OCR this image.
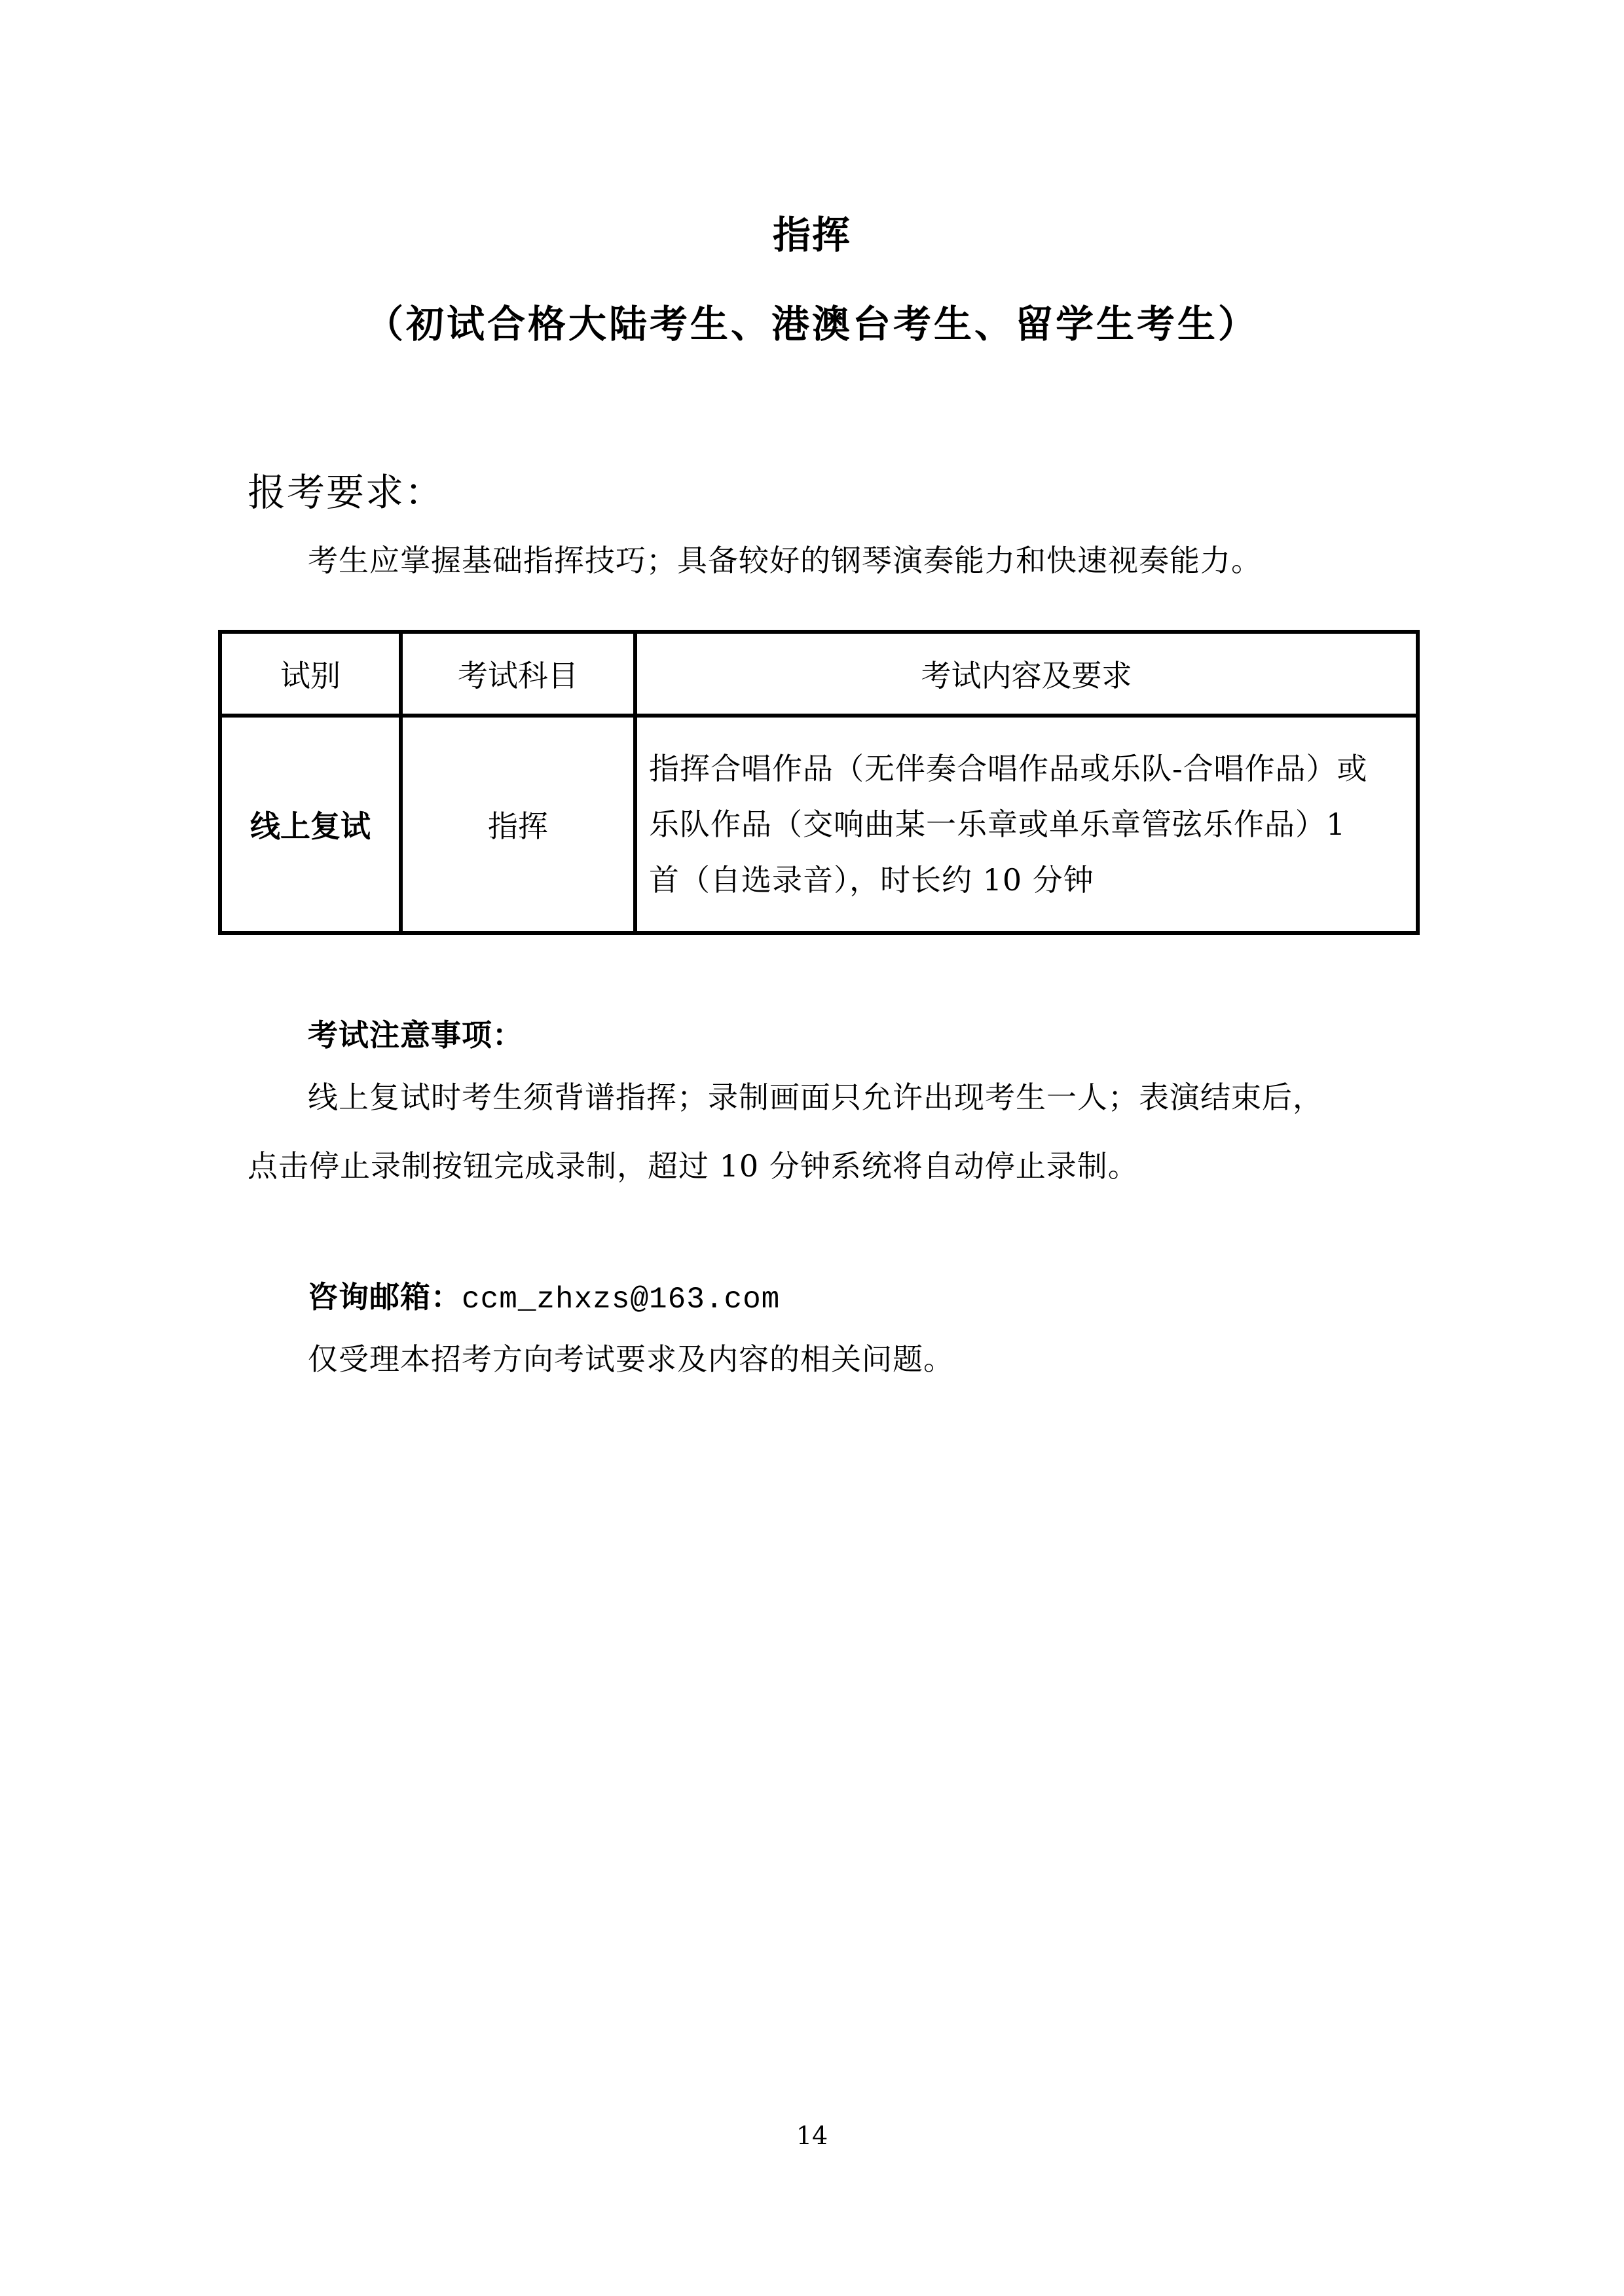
指挥
（初试合格大陆考生、港澳台考生、留学生考生）
报考要求：
考生应掌握基础指挥技巧；具备较好的钢琴演奏能力和快速视奏能力。
试别	考试科目	考试内容及要求
线上复试	指挥	指挥合唱作品（无伴奏合唱作品或乐队-合唱作品）或
乐队作品（交响曲某一乐章或单乐章管弦乐作品）1
首（自选录音），时长约 10 分钟
考试注意事项：
线上复试时考生须背谱指挥；录制画面只允许出现考生一人；表演结束后，
点击停止录制按钮完成录制，超过 10 分钟系统将自动停止录制。
咨询邮箱：ccm_zhxzs@163.com
仅受理本招考方向考试要求及内容的相关问题。
14
